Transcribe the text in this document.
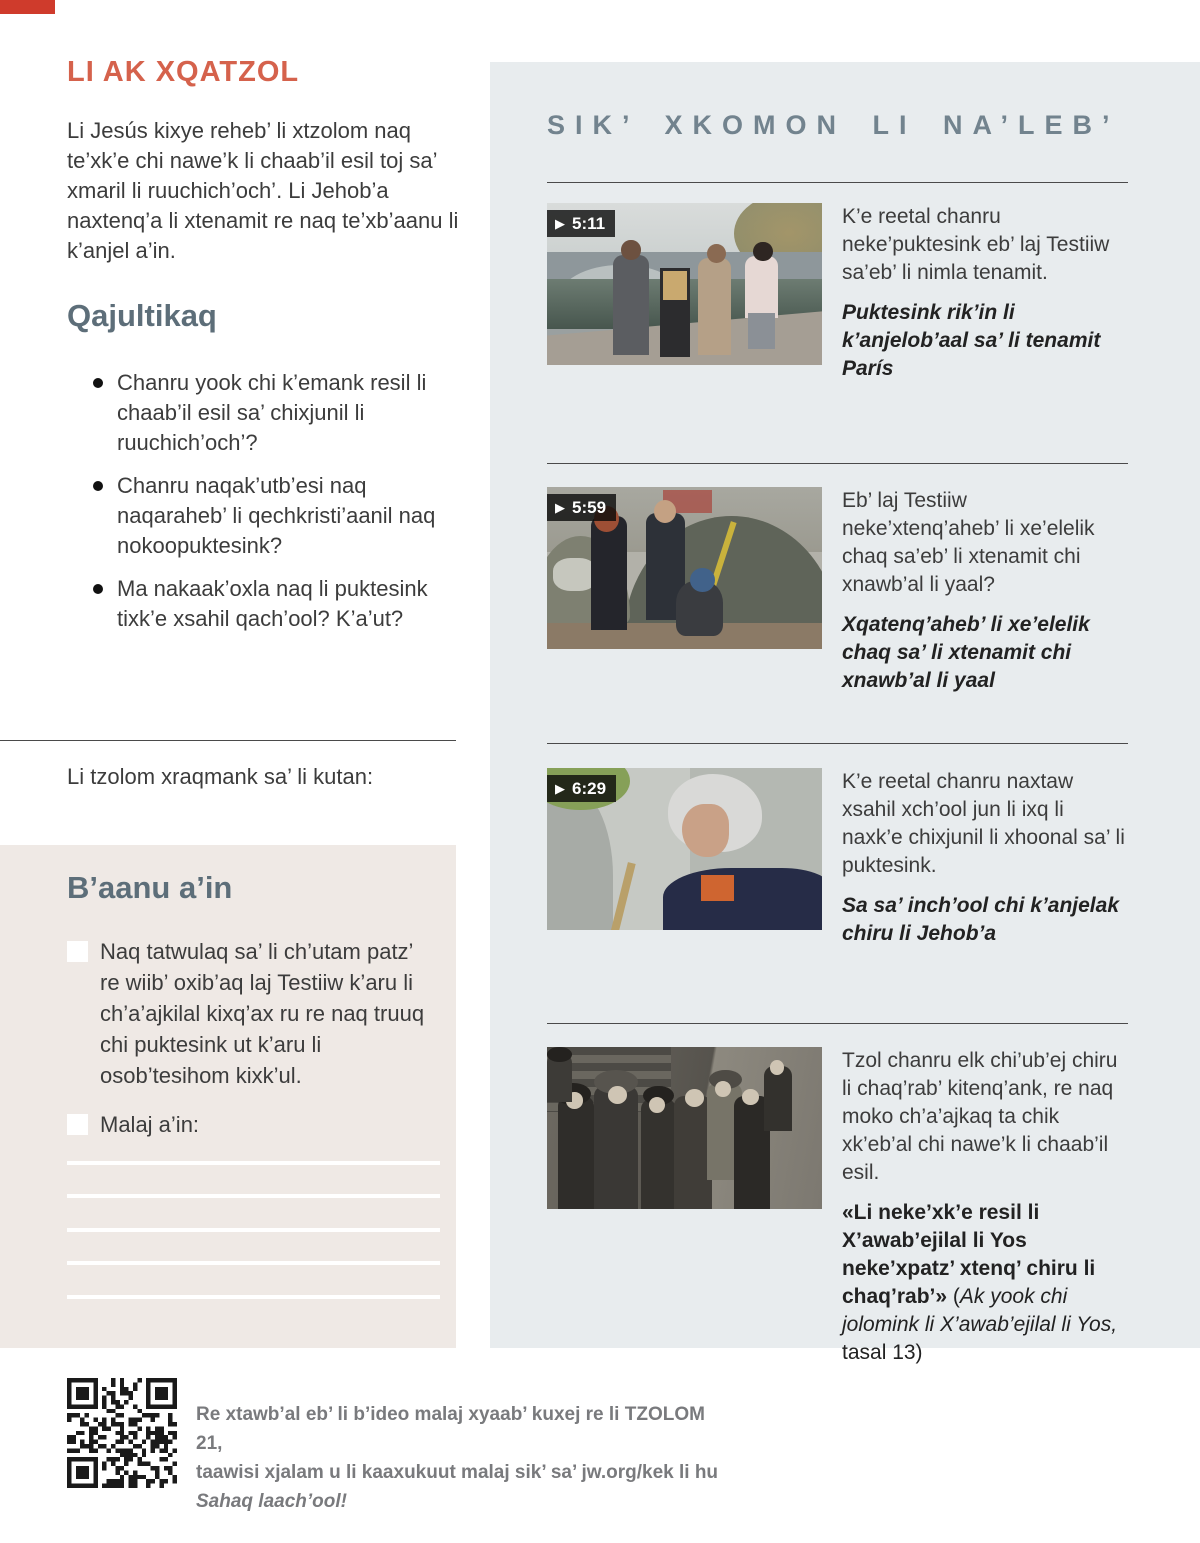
LI AK XQATZOL
Li Jesús kixye reheb’ li xtzolom naq te’xk’e chi nawe’k li chaab’il esil toj sa’ xmaril li ruuchich’och’. Li Jehob’a naxtenq’a li xtenamit re naq te’xb’aanu li k’anjel a’in.
Qajultikaq
Chanru yook chi k’emank resil li chaab’il esil sa’ chixjunil li ruuchich’och’?
Chanru naqak’utb’esi naq naqaraheb’ li qechkristi’aanil naq nokoopuktesink?
Ma nakaak’oxla naq li puktesink tixk’e xsahil qach’ool? K’a’ut?
Li tzolom xraqmank sa’ li kutan:
B’aanu a’in
Naq tatwulaq sa’ li ch’utam patz’ re wiib’ oxib’aq laj Testiiw k’aru li ch’a’ajkilal kixq’ax ru re naq truuq chi puktesink ut k’aru li osob’tesihom kixk’ul.
Malaj a’in:
SIK’ XKOMON LI NA’LEB’
▶ 5:11	K’e reetal chanru neke’puktesink eb’ laj Testiiw sa’eb’ li nimla tenamit.
Puktesink rik’in li k’anjelob’aal sa’ li tenamit París
▶ 5:59	Eb’ laj Testiiw neke’xtenq’aheb’ li xe’elelik chaq sa’eb’ li xtenamit chi xnawb’al li yaal?
Xqatenq’aheb’ li xe’elelik chaq sa’ li xtenamit chi xnawb’al li yaal
▶ 6:29	K’e reetal chanru naxtaw xsahil xch’ool jun li ixq li naxk’e chixjunil li xhoonal sa’ li puktesink.
Sa sa’ inch’ool chi k’anjelak chiru li Jehob’a
Tzol chanru elk chi’ub’ej chiru li chaq’rab’ kitenq’ank, re naq moko ch’a’ajkaq ta chik xk’eb’al chi nawe’k li chaab’il esil.
«Li neke’xk’e resil li X’awab’ejilal li Yos neke’xpatz’ xtenq’ chiru li chaq’rab’» (Ak yook chi jolomink li X’awab’ejilal li Yos, tasal 13)
Re xtawb’al eb’ li b’ideo malaj xyaab’ kuxej re li TZOLOM 21,
taawisi xjalam u li kaaxukuut malaj sik’ sa’ jw.org/kek li hu
Sahaq laach’ool!
